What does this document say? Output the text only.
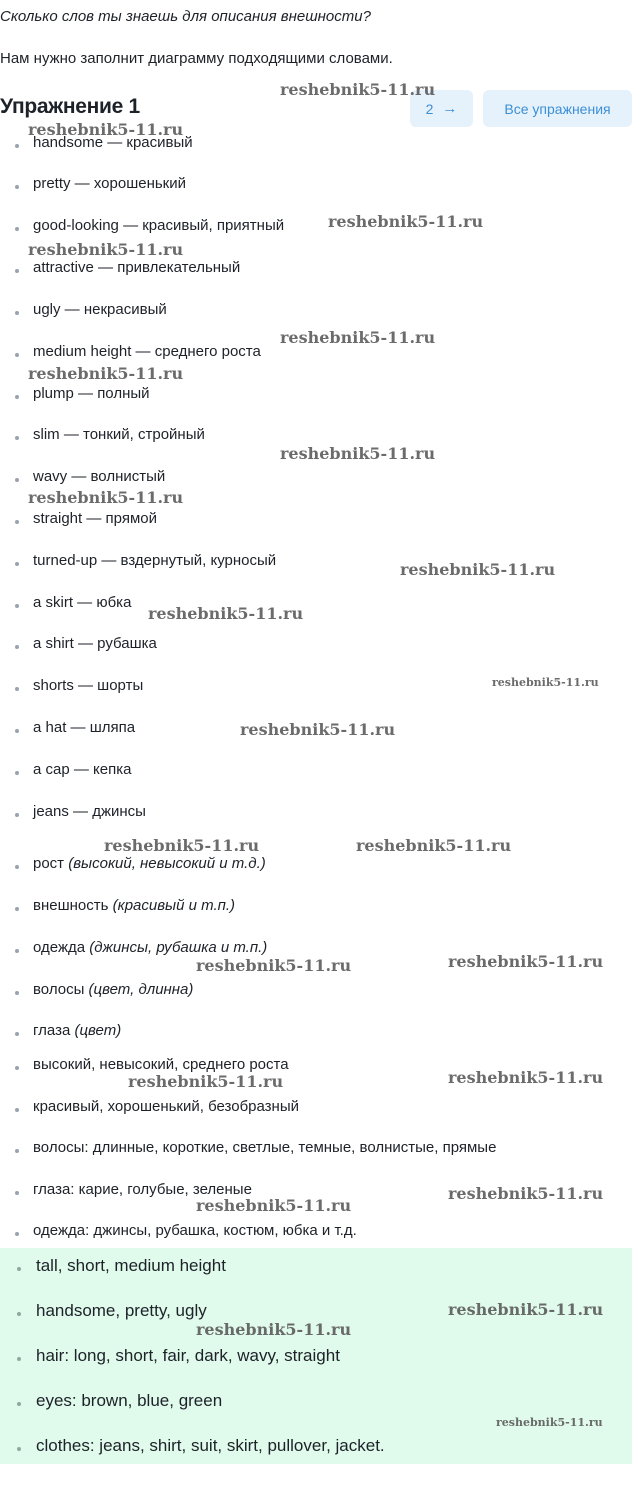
Сколько слов ты знаешь для описания внешности?
Нам нужно заполнит диаграмму подходящими словами.
Упражнение 1	2 →	Все упражнения
handsome — красивый
pretty — хорошенький
good-looking — красивый, приятный
attractive — привлекательный
ugly — некрасивый
medium height — среднего роста
plump — полный
slim — тонкий, стройный
wavy — волнистый
straight — прямой
turned-up — вздернутый, курносый
a skirt — юбка
a shirt — рубашка
shorts — шорты
a hat — шляпа
a cap — кепка
jeans — джинсы
рост (высокий, невысокий и т.д.)
внешность (красивый и т.п.)
одежда (джинсы, рубашка и т.п.)
волосы (цвет, длинна)
глаза (цвет)
высокий, невысокий, среднего роста
красивый, хорошенький, безобразный
волосы: длинные, короткие, светлые, темные, волнистые, прямые
глаза: карие, голубые, зеленые
одежда: джинсы, рубашка, костюм, юбка и т.д.
tall, short, medium height
handsome, pretty, ugly
hair: long, short, fair, dark, wavy, straight
eyes: brown, blue, green
clothes: jeans, shirt, suit, skirt, pullover, jacket.
reshebnik5-11.ru
reshebnik5-11.ru
reshebnik5-11.ru
reshebnik5-11.ru
reshebnik5-11.ru
reshebnik5-11.ru
reshebnik5-11.ru
reshebnik5-11.ru
reshebnik5-11.ru
reshebnik5-11.ru
reshebnik5-11.ru
reshebnik5-11.ru
reshebnik5-11.ru	reshebnik5-11.ru
reshebnik5-11.ru	reshebnik5-11.ru
reshebnik5-11.ru	reshebnik5-11.ru
reshebnik5-11.ru
reshebnik5-11.ru
reshebnik5-11.ru
reshebnik5-11.ru
reshebnik5-11.ru
